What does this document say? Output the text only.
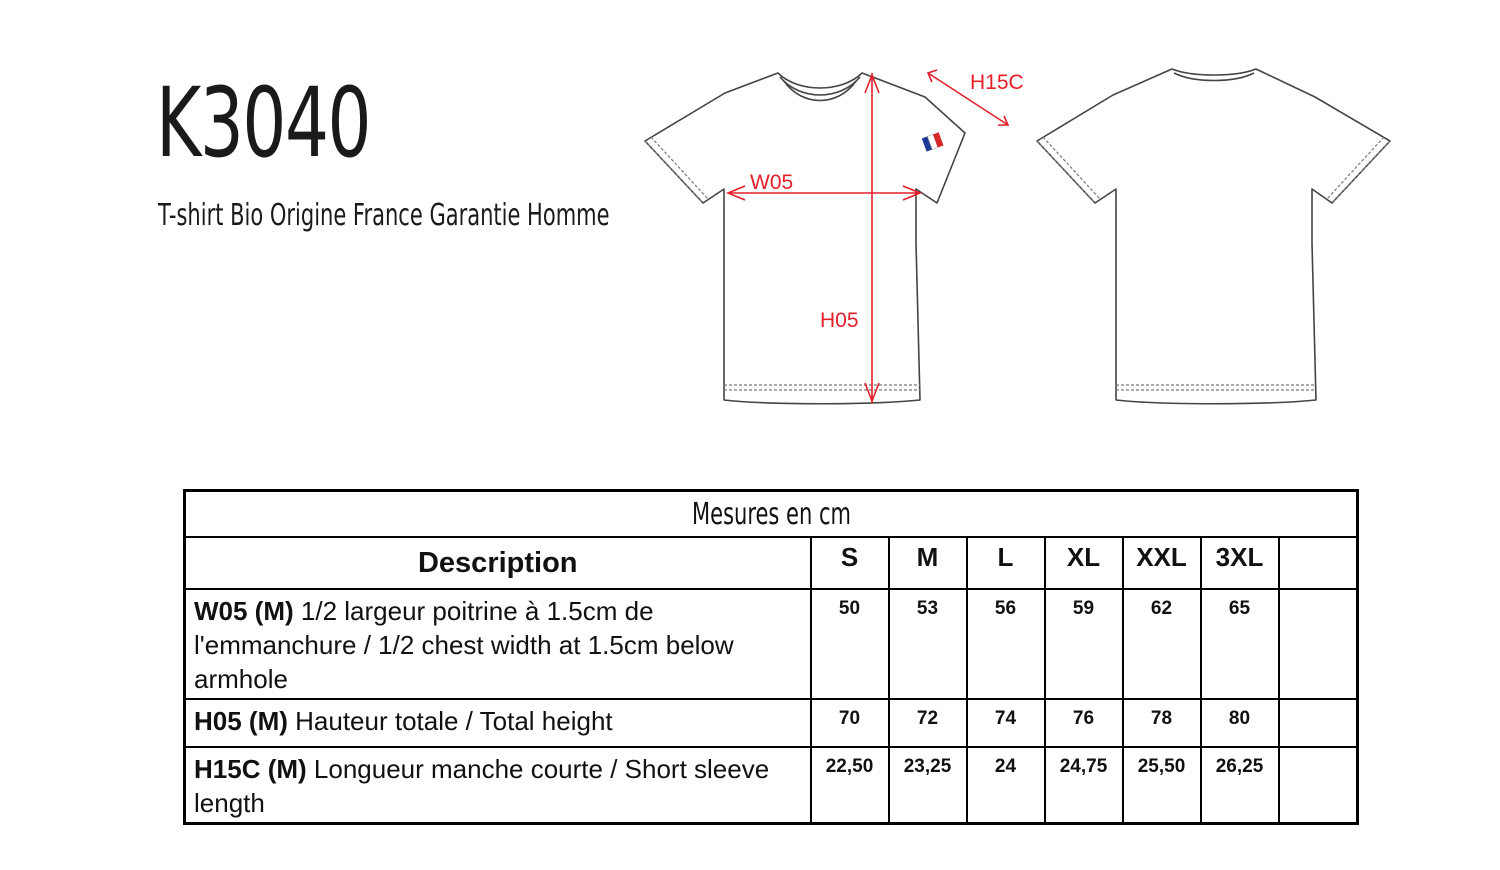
K3040
T-shirt Bio Origine France Garantie Homme
W05
H05
H15C
Mesures en cm							
Description	S	M	L	XL	XXL	3XL	
W05 (M) 1/2 largeur poitrine à 1.5cm de l'emmanchure / 1/2 chest width at 1.5cm below armhole	50	53	56	59	62	65	
H05 (M) Hauteur totale / Total height	70	72	74	76	78	80	
H15C (M) Longueur manche courte / Short sleeve length	22,50	23,25	24	24,75	25,50	26,25	
